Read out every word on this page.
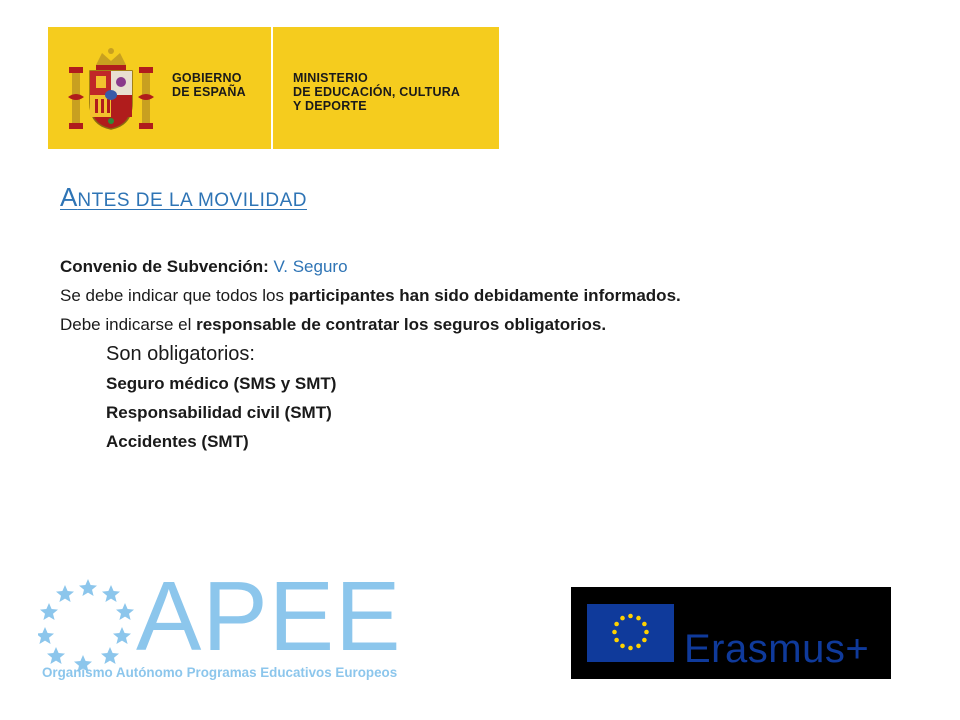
GOBIERNO
DE ESPAÑA
MINISTERIO
DE EDUCACIÓN, CULTURA
Y DEPORTE
ANTES DE LA MOVILIDAD
Convenio de Subvención: V. Seguro
Se debe indicar que todos los participantes han sido debidamente informados.
Debe indicarse el responsable de contratar los seguros obligatorios.
Son obligatorios:
Seguro médico (SMS y SMT)
Responsabilidad civil (SMT)
Accidentes (SMT)
APEE
Organismo Autónomo Programas Educativos Europeos
Erasmus+
